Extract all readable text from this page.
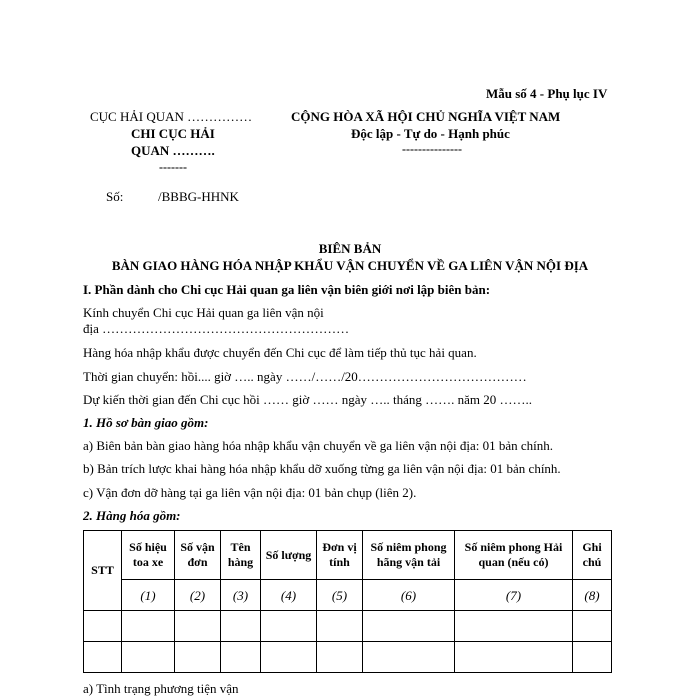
Mẫu số 4 - Phụ lục IV
CỤC HẢI QUAN ……………
CHI CỤC HẢI
QUAN ……….
-------
CỘNG HÒA XÃ HỘI CHỦ NGHĨA VIỆT NAM
Độc lập - Tự do - Hạnh phúc
---------------
Số:	/BBBG-HHNK
BIÊN BẢN
BÀN GIAO HÀNG HÓA NHẬP KHẨU VẬN CHUYỂN VỀ GA LIÊN VẬN NỘI ĐỊA
I. Phần dành cho Chi cục Hải quan ga liên vận biên giới nơi lập biên bản:
Kính chuyển Chi cục Hải quan ga liên vận nội
địa …………………………………………………
Hàng hóa nhập khẩu được chuyển đến Chi cục để làm tiếp thủ tục hải quan.
Thời gian chuyển: hồi.... giờ ….. ngày ……/……/20…………………………………
Dự kiến thời gian đến Chi cục hồi …… giờ …… ngày ….. tháng ……. năm 20 ……..
1. Hồ sơ bàn giao gồm:
a) Biên bản bàn giao hàng hóa nhập khẩu vận chuyển về ga liên vận nội địa: 01 bản chính.
b) Bản trích lược khai hàng hóa nhập khẩu dỡ xuống từng ga liên vận nội địa: 01 bản chính.
c) Vận đơn dỡ hàng tại ga liên vận nội địa: 01 bản chụp (liên 2).
2. Hàng hóa gồm:
STT	Số hiệu toa xe	Số vận đơn	Tên hàng	Số lượng	Đơn vị tính	Số niêm phong hãng vận tải	Số niêm phong Hải quan (nếu có)	Ghi chú
	(1)	(2)	(3)	(4)	(5)	(6)	(7)	(8)

a) Tình trạng phương tiện vận
